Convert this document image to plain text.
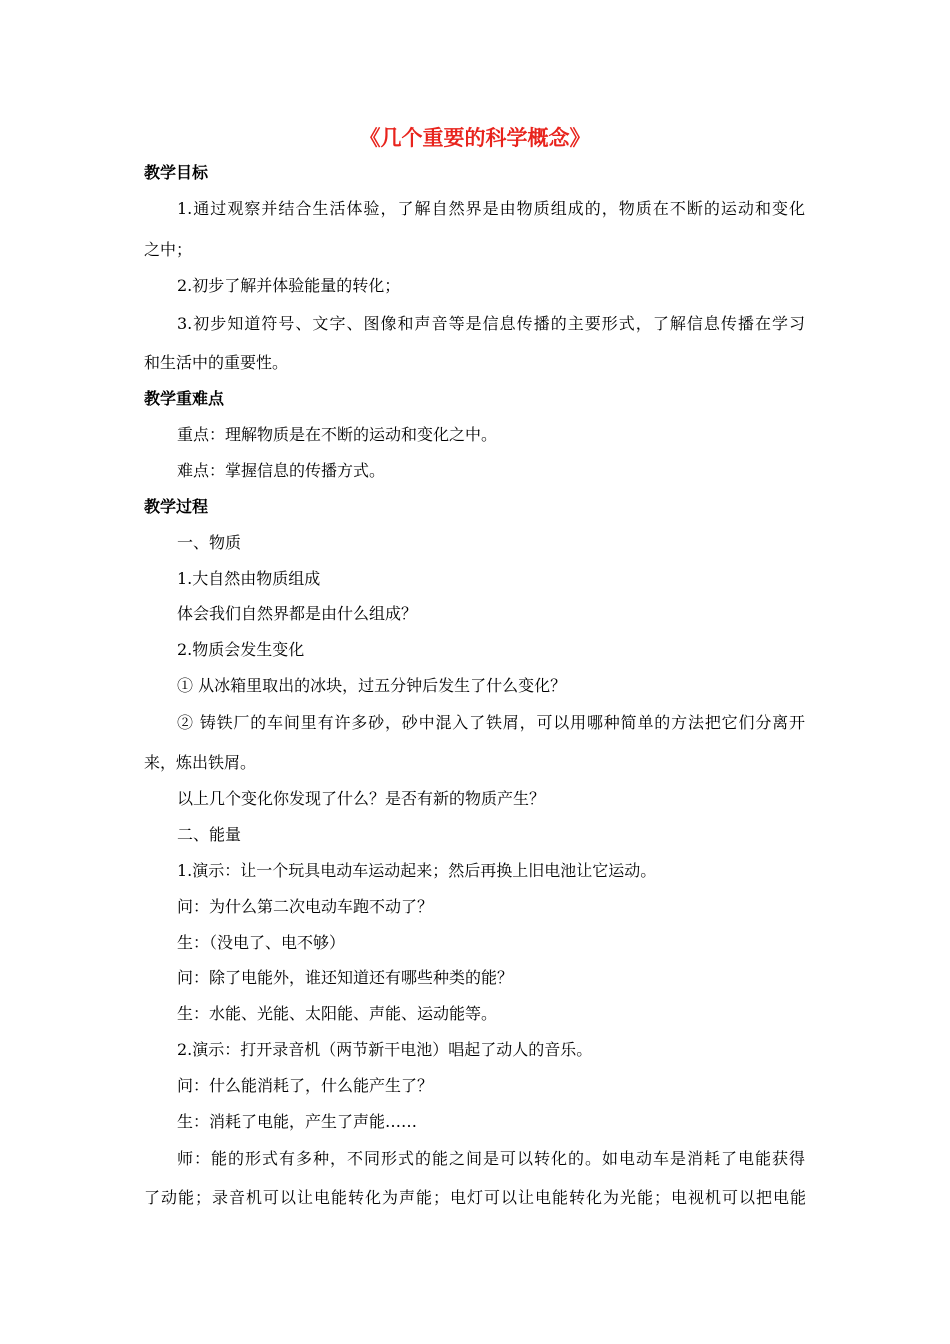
《几个重要的科学概念》
教学目标
1.通过观察并结合生活体验，了解自然界是由物质组成的，物质在不断的运动和变化
之中；
2.初步了解并体验能量的转化；
3.初步知道符号、文字、图像和声音等是信息传播的主要形式，了解信息传播在学习
和生活中的重要性。
教学重难点
重点：理解物质是在不断的运动和变化之中。
难点：掌握信息的传播方式。
教学过程
一、物质
1.大自然由物质组成
体会我们自然界都是由什么组成？
2.物质会发生变化
① 从冰箱里取出的冰块，过五分钟后发生了什么变化？
② 铸铁厂的车间里有许多砂，砂中混入了铁屑，可以用哪种简单的方法把它们分离开
来，炼出铁屑。
以上几个变化你发现了什么？是否有新的物质产生？
二、能量
1.演示：让一个玩具电动车运动起来；然后再换上旧电池让它运动。
问：为什么第二次电动车跑不动了？
生：（没电了、电不够）
问：除了电能外，谁还知道还有哪些种类的能？
生：水能、光能、太阳能、声能、运动能等。
2.演示：打开录音机（两节新干电池）唱起了动人的音乐。
问：什么能消耗了，什么能产生了？
生：消耗了电能，产生了声能……
师：能的形式有多种，不同形式的能之间是可以转化的。如电动车是消耗了电能获得
了动能；录音机可以让电能转化为声能；电灯可以让电能转化为光能；电视机可以把电能
